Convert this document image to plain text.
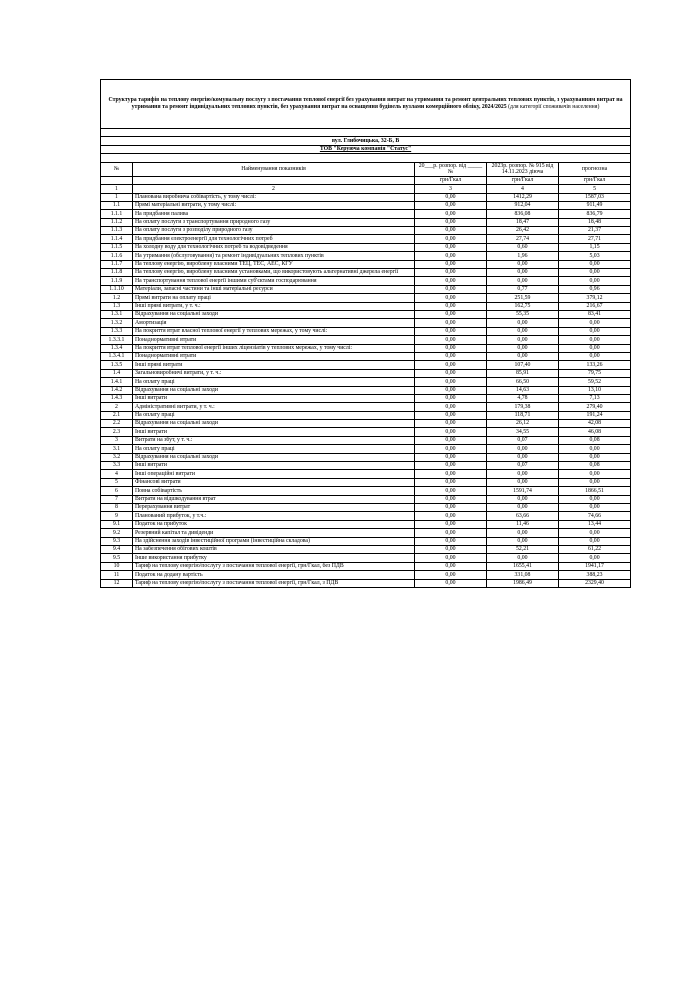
Структура тарифів на теплову енергію/комунальну послугу з постачання теплової енергії без урахування витрат на утримання та ремонт центральних теплових пунктів, з урахуванням витрат на утримання та ремонт індивідуальних теплових пунктів, без урахування витрат на оснащення будівель вузлами комерційного обліку, 2024/2025 (для категорії споживачів населення)				

вул. Глибочицька, 32-Б, В				
ТОВ "Керуюча компанія "Статус"				

№	Найменування показників	20___р. розпор. від _____ №	2023р. розпор. № 915 від 14.11.2023 діюча	прогнозна
		грн/Гкал	грн/Гкал	грн/Гкал
1	2	3	4	5
1	Планована виробнича собівартість, у тому числі:	0,00	1412,29	1587,03
1.1	Прямі матеріальні витрати, у тому числі:	0,00	912,04	911,49
1.1.1	На придбання палива	0,00	836,08	836,79
1.1.2	На оплату послуги з транспортування природного газу	0,00	18,47	18,48
1.1.3	На оплату послуги з розподілу природного газу	0,00	26,42	21,37
1.1.4	На придбання електроенергії для технологічних потреб	0,00	27,74	27,71
1.1.5	На холодну воду для технологічних потреб та водовідведення	0,00	0,60	1,15
1.1.6	На утримання (обслуговування) та ремонт індивідуальних теплових пунктів	0,00	1,96	5,03
1.1.7	На теплову енергію, вироблену власними ТЕЦ, ТЕС, АЕС, КГУ	0,00	0,00	0,00
1.1.8	На теплову енергію, вироблену власними установками, що використовують альтернативні джерела енергії	0,00	0,00	0,00
1.1.9	На транспортування теплової енергії іншими суб'єктами господарювання	0,00	0,00	0,00
1.1.10	Матеріали, запасні частини та інші матеріальні ресурси	0,00	0,77	0,96
1.2	Прямі витрати на оплату праці	0,00	251,59	379,12
1.3	Інші прямі витрати, у т. ч.:	0,00	162,75	216,67
1.3.1	Відрахування на соціальні заходи	0,00	55,35	83,41
1.3.2	Амортизація	0,00	0,00	0,00
1.3.3	На покриття втрат власної теплової енергії у теплових мережах, у тому числі:	0,00	0,00	0,00
1.3.3.1	Понаднормативні втрати	0,00	0,00	0,00
1.3.4	На покриття втрат теплової енергії інших ліцензіатів у теплових мережах, у тому числі:	0,00	0,00	0,00
1.3.4.1	Понаднормативні втрати	0,00	0,00	0,00
1.3.5	Інші прямі витрати	0,00	107,40	133,26
1.4	Загальновиробничі витрати, у т. ч.:	0,00	85,91	79,75
1.4.1	На оплату праці	0,00	66,50	59,52
1.4.2	Відрахування на соціальні заходи	0,00	14,63	13,10
1.4.3	Інші витрати	0,00	4,78	7,13
2	Адміністративні витрати, у т. ч.:	0,00	179,38	279,40
2.1	На оплату праці	0,00	118,71	191,24
2.2	Відрахування на соціальні заходи	0,00	26,12	42,08
2.3	Інші витрати	0,00	34,55	46,08
3	Витрати на збут, у т. ч.:	0,00	0,07	0,08
3.1	На оплату праці	0,00	0,00	0,00
3.2	Відрахування на соціальні заходи	0,00	0,00	0,00
3.3	Інші витрати	0,00	0,07	0,08
4	Інші операційні витрати	0,00	0,00	0,00
5	Фінансові витрати	0,00	0,00	0,00
6	Повна собівартість	0,00	1591,74	1866,51
7	Витрати на відшкодування втрат	0,00	0,00	0,00
8	Перерахування витрат	0,00	0,00	0,00
9	Планований прибуток, у т.ч.:	0,00	63,66	74,66
9.1	Податок на прибуток	0,00	11,46	13,44
9.2	Резервний капітал та дивіденди	0,00	0,00	0,00
9.3	На здійснення заходів інвестиційної програми (інвестиційна складова)	0,00	0,00	0,00
9.4	На забезпечення обігових коштів	0,00	52,21	61,22
9.5	Інше використання прибутку	0,00	0,00	0,00
10	Тариф на теплову енергію/послугу з постачання теплової енергії, грн/Гкал, без ПДВ	0,00	1655,41	1941,17
11	Податок на додану вартість	0,00	331,08	388,23
12	Тариф на теплову енергію/послугу з постачання теплової енергії, грн/Гкал, з ПДВ	0,00	1986,49	2329,40
